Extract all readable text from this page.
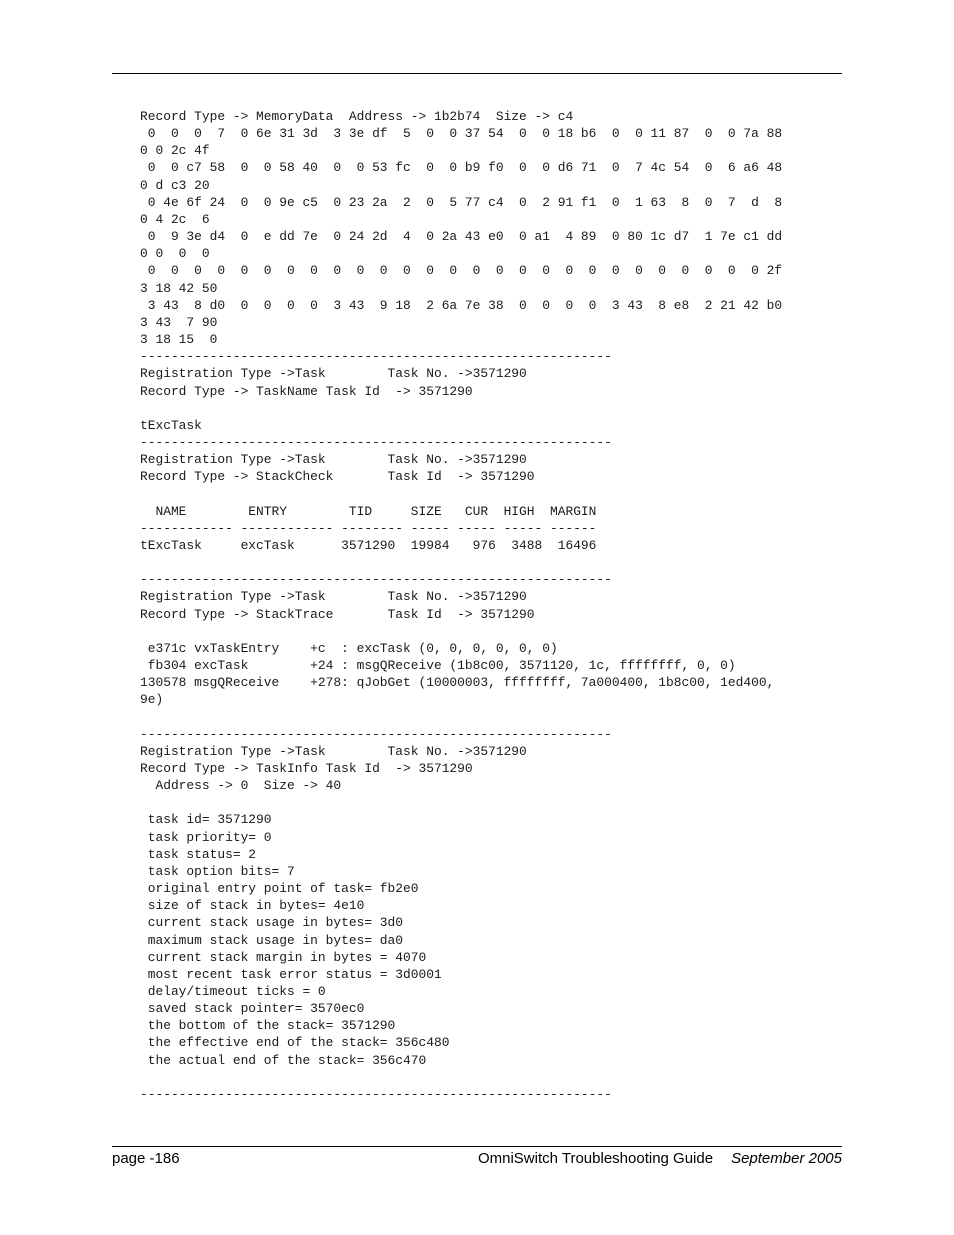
Record Type -> MemoryData  Address -> 1b2b74  Size -> c4
0  0  0  7  0 6e 31 3d  3 3e df  5  0  0 37 54  0  0 18 b6  0  0 11 87  0  0 7a 88
0 0 2c 4f
0  0 c7 58  0  0 58 40  0  0 53 fc  0  0 b9 f0  0  0 d6 71  0  7 4c 54  0  6 a6 48
0 d c3 20
0 4e 6f 24  0  0 9e c5  0 23 2a  2  0  5 77 c4  0  2 91 f1  0  1 63  8  0  7  d  8
0 4 2c  6
0  9 3e d4  0  e dd 7e  0 24 2d  4  0 2a 43 e0  0 a1  4 89  0 80 1c d7  1 7e c1 dd
0 0  0  0
0  0  0  0  0  0  0  0  0  0  0  0  0  0  0  0  0  0  0  0  0  0  0  0  0  0  0 2f
3 18 42 50
3 43  8 d0  0  0  0  0  3 43  9 18  2 6a 7e 38  0  0  0  0  3 43  8 e8  2 21 42 b0
3 43  7 90
3 18 15  0
-------------------------------------------------------------
Registration Type ->Task        Task No. ->3571290
Record Type -> TaskName Task Id  -> 3571290

tExcTask
-------------------------------------------------------------
Registration Type ->Task        Task No. ->3571290
Record Type -> StackCheck       Task Id  -> 3571290

NAME        ENTRY        TID     SIZE   CUR  HIGH  MARGIN
------------ ------------ -------- ----- ----- ----- ------
tExcTask     excTask      3571290  19984   976  3488  16496

-------------------------------------------------------------
Registration Type ->Task        Task No. ->3571290
Record Type -> StackTrace       Task Id  -> 3571290

e371c vxTaskEntry    +c  : excTask (0, 0, 0, 0, 0, 0)
fb304 excTask        +24 : msgQReceive (1b8c00, 3571120, 1c, ffffffff, 0, 0)
130578 msgQReceive    +278: qJobGet (10000003, ffffffff, 7a000400, 1b8c00, 1ed400,
9e)

-------------------------------------------------------------
Registration Type ->Task        Task No. ->3571290
Record Type -> TaskInfo Task Id  -> 3571290
Address -> 0  Size -> 40

task id= 3571290
task priority= 0
task status= 2
task option bits= 7
original entry point of task= fb2e0
size of stack in bytes= 4e10
current stack usage in bytes= 3d0
maximum stack usage in bytes= da0
current stack margin in bytes = 4070
most recent task error status = 3d0001
delay/timeout ticks = 0
saved stack pointer= 3570ec0
the bottom of the stack= 3571290
the effective end of the stack= 356c480
the actual end of the stack= 356c470

-------------------------------------------------------------
page -186	OmniSwitch Troubleshooting Guide September 2005
